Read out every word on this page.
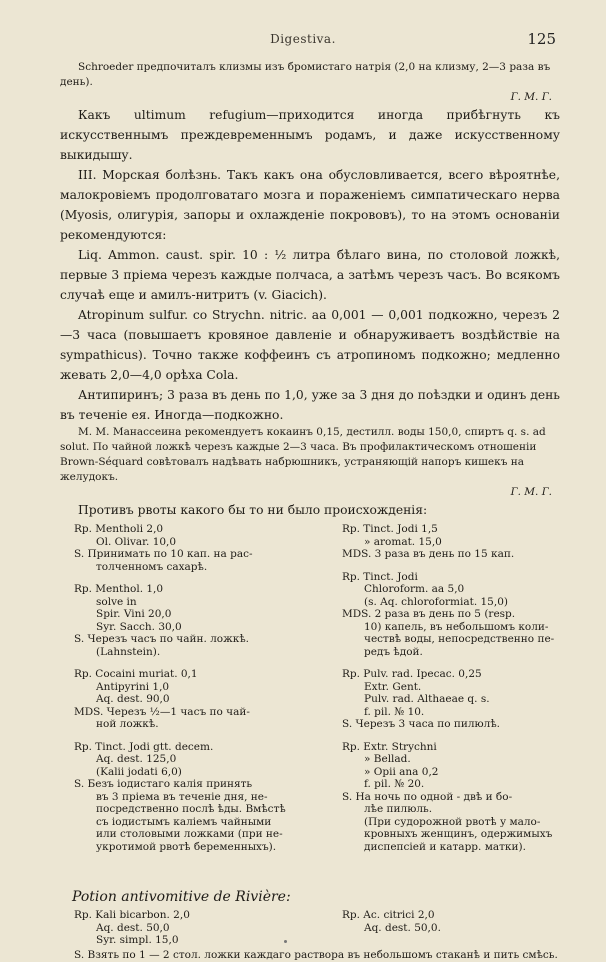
Digestiva.	125
Schroeder предпочиталъ клизмы изъ бромистаго натрія (2,0 на клизму, 2—3 раза въ день).
Г. М. Г.
Какъ ultimum refugium—приходится иногда прибѣгнуть къ искусственнымъ преждевременнымъ родамъ, и даже искусственному выкидышу.
III. Морская болѣзнь. Такъ какъ она обусловливается, всего вѣроятнѣе, малокровіемъ продолговатаго мозга и пораженіемъ симпатическаго нерва (Myosis, олигурія, запоры и охлажденіе покрововъ), то на этомъ основаніи рекомендуются:
Liq. Ammon. caust. spir. 10 : ½ литра бѣлаго вина, по столовой ложкѣ, первые 3 пріема черезъ каждые полчаса, а затѣмъ черезъ часъ. Во всякомъ случаѣ еще и амилъ-нитритъ (v. Giacich).
Atropinum sulfur. со Strychn. nitric. aa 0,001 — 0,001 подкожно, черезъ 2—3 часа (повышаетъ кровяное давленіе и обнаруживаетъ воздѣйствіе на sympathicus). Точно также коффеинъ съ атропиномъ подкожно; медленно жевать 2,0—4,0 орѣха Cola.
Антипиринъ; 3 раза въ день по 1,0, уже за 3 дня до поѣздки и одинъ день въ теченіе ея. Иногда—подкожно.
М. М. Манассеина рекомендуетъ кокаинъ 0,15, дестилл. воды 150,0, спиртъ q. s. ad solut. По чайной ложкѣ черезъ каждые 2—3 часа. Въ профилактическомъ отношеніи Brown-Séquard совѣтовалъ надѣвать набрюшникъ, устраняющій напоръ кишекъ на желудокъ.
Г. М. Г.
Противъ рвоты какого бы то ни было происхожденія:
Rp. Mentholi 2,0
Ol. Olivar. 10,0
S. Принимать по 10 кап. на рас-
толченномъ сахарѣ.
Rp. Menthol. 1,0
solve in
Spir. Vini 20,0
Syr. Sacch. 30,0
S. Черезъ часъ по чайн. ложкѣ.
(Lahnstein).
Rp. Cocaini muriat. 0,1
Antipyrini 1,0
Aq. dest. 90,0
MDS. Черезъ ½—1 часъ по чай-
ной ложкѣ.
Rp. Tinct. Jodi gtt. decem.
Aq. dest. 125,0
(Kalii jodati 6,0)
S. Безъ іодистаго калія принять
въ 3 пріема въ теченіе дня, не-
посредственно послѣ ѣды. Вмѣстѣ
съ іодистымъ каліемъ чайными
или столовыми ложками (при не-
укротимой рвотѣ беременныхъ).
Rp. Tinct. Jodi 1,5
» aromat. 15,0
MDS. 3 раза въ день по 15 кап.
Rp. Tinct. Jodi
Chloroform. aa 5,0
(s. Aq. chloroformiat. 15,0)
MDS. 2 раза въ день по 5 (resp.
10) капель, въ небольшомъ коли-
чествѣ воды, непосредственно пе-
редъ ѣдой.
Rp. Pulv. rad. Ipecac. 0,25
Extr. Gent.
Pulv. rad. Althaeae q. s.
f. pil. № 10.
S. Черезъ 3 часа по пилюлѣ.
Rp. Extr. Strychni
» Bellad.
» Opii ana 0,2
f. pil. № 20.
S. На ночь по одной - двѣ и бо-
лѣе пилюль.
(При судорожной рвотѣ у мало-
кровныхъ женщинъ, одержимыхъ
диспепсіей и катарр. матки).
Potion antivomitive de Rivière:
Rp. Kali bicarbon. 2,0
Aq. dest. 50,0
Syr. simpl. 15,0
Rp. Ac. citrici 2,0
Aq. dest. 50,0.
S. Взять по 1 — 2 стол. ложки каждаго раствора въ небольшомъ стаканѣ и пить смѣсь.
